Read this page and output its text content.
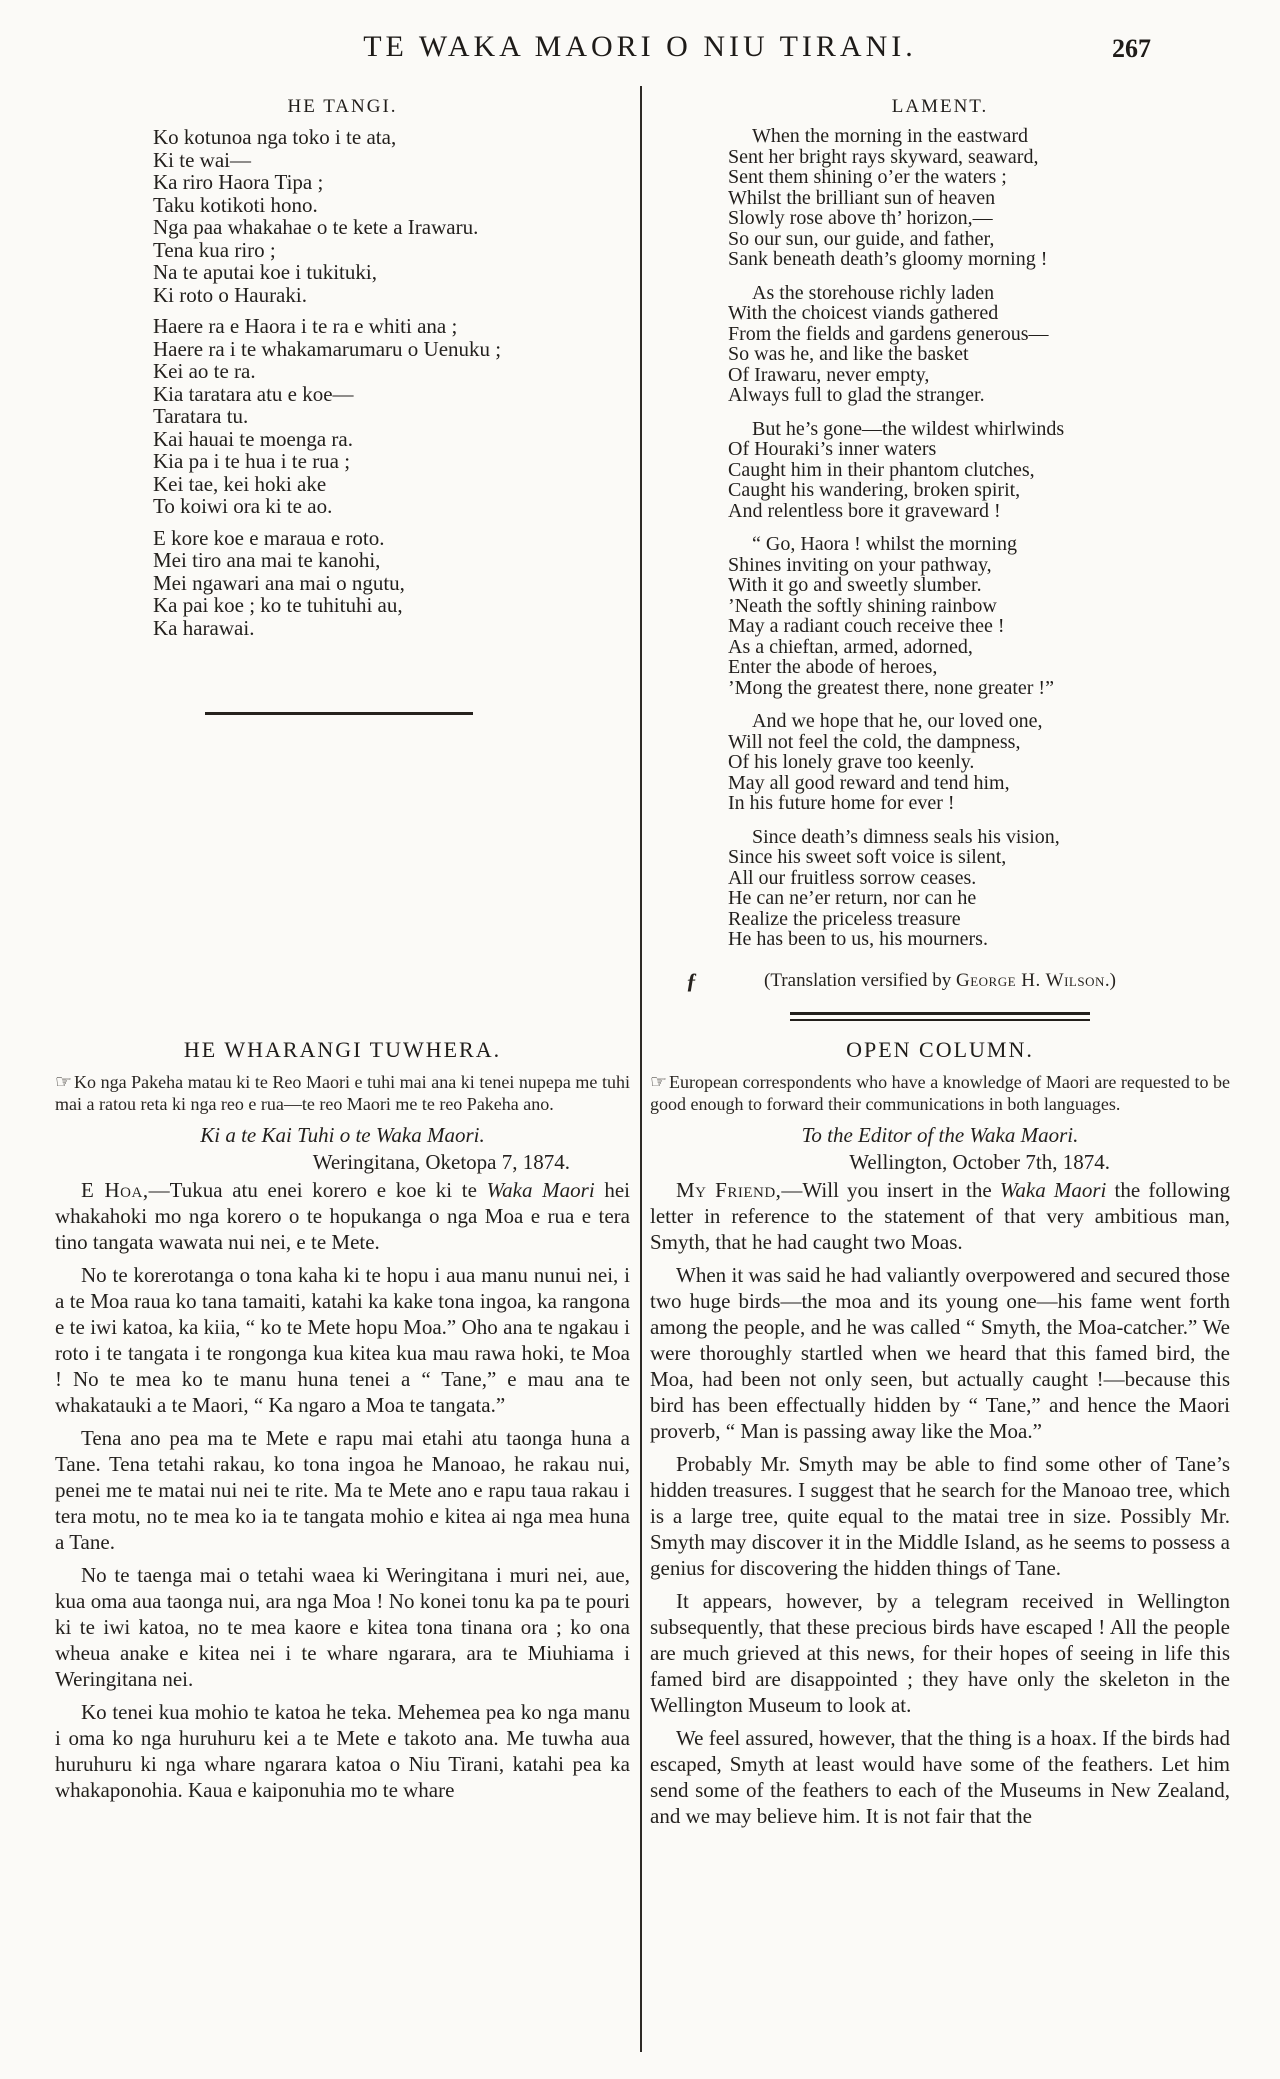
TE WAKA MAORI O NIU TIRANI.	267
HE TANGI.
Ko kotunoa nga toko i te ata,
Ki te wai—
Ka riro Haora Tipa ;
Taku kotikoti hono.
Nga paa whakahae o te kete a Irawaru.
Tena kua riro ;
Na te aputai koe i tukituki,
Ki roto o Hauraki.
Haere ra e Haora i te ra e whiti ana ;
Haere ra i te whakamarumaru o Uenuku ;
Kei ao te ra.
Kia taratara atu e koe—
Taratara tu.
Kai hauai te moenga ra.
Kia pa i te hua i te rua ;
Kei tae, kei hoki ake
To koiwi ora ki te ao.
E kore koe e maraua e roto.
Mei tiro ana mai te kanohi,
Mei ngawari ana mai o ngutu,
Ka pai koe ; ko te tuhituhi au,
Ka harawai.
LAMENT.
When the morning in the eastward
Sent her bright rays skyward, seaward,
Sent them shining o’er the waters ;
Whilst the brilliant sun of heaven
Slowly rose above th’ horizon,—
So our sun, our guide, and father,
Sank beneath death’s gloomy morning !
As the storehouse richly laden
With the choicest viands gathered
From the fields and gardens generous—
So was he, and like the basket
Of Irawaru, never empty,
Always full to glad the stranger.
But he’s gone—the wildest whirlwinds
Of Houraki’s inner waters
Caught him in their phantom clutches,
Caught his wandering, broken spirit,
And relentless bore it graveward !
“ Go, Haora ! whilst the morning
Shines inviting on your pathway,
With it go and sweetly slumber.
’Neath the softly shining rainbow
May a radiant couch receive thee !
As a chieftan, armed, adorned,
Enter the abode of heroes,
’Mong the greatest there, none greater !”
And we hope that he, our loved one,
Will not feel the cold, the dampness,
Of his lonely grave too keenly.
May all good reward and tend him,
In his future home for ever !
Since death’s dimness seals his vision,
Since his sweet soft voice is silent,
All our fruitless sorrow ceases.
He can ne’er return, nor can he
Realize the priceless treasure
He has been to us, his mourners.
ƒ	(Translation versified by George H. Wilson.)
HE WHARANGI TUWHERA.

☞ Ko nga Pakeha matau ki te Reo Maori e tuhi mai ana ki tenei nupepa me tuhi mai a ratou reta ki nga reo e rua—te reo Maori me te reo Pakeha ano.

Ki a te Kai Tuhi o te Waka Maori.

Weringitana, Oketopa 7, 1874.

E Hoa,—Tukua atu enei korero e koe ki te Waka Maori hei whakahoki mo nga korero o te hopukanga o nga Moa e rua e tera tino tangata wawata nui nei, e te Mete.

No te korerotanga o tona kaha ki te hopu i aua manu nunui nei, i a te Moa raua ko tana tamaiti, katahi ka kake tona ingoa, ka rangona e te iwi katoa, ka kiia, “ ko te Mete hopu Moa.” Oho ana te ngakau i roto i te tangata i te rongonga kua kitea kua mau rawa hoki, te Moa ! No te mea ko te manu huna tenei a “ Tane,” e mau ana te whakatauki a te Maori, “ Ka ngaro a Moa te tangata.”

Tena ano pea ma te Mete e rapu mai etahi atu taonga huna a Tane. Tena tetahi rakau, ko tona ingoa he Manoao, he rakau nui, penei me te matai nui nei te rite. Ma te Mete ano e rapu taua rakau i tera motu, no te mea ko ia te tangata mohio e kitea ai nga mea huna a Tane.

No te taenga mai o tetahi waea ki Weringitana i muri nei, aue, kua oma aua taonga nui, ara nga Moa ! No konei tonu ka pa te pouri ki te iwi katoa, no te mea kaore e kitea tona tinana ora ; ko ona wheua anake e kitea nei i te whare ngarara, ara te Miuhiama i Weringitana nei.

Ko tenei kua mohio te katoa he teka. Mehemea pea ko nga manu i oma ko nga huruhuru kei a te Mete e takoto ana. Me tuwha aua huruhuru ki nga whare ngarara katoa o Niu Tirani, katahi pea ka whakaponohia. Kaua e kaiponuhia mo te whare

OPEN COLUMN.

☞ European correspondents who have a knowledge of Maori are requested to be good enough to forward their communications in both languages.

To the Editor of the Waka Maori.

Wellington, October 7th, 1874.

My Friend,—Will you insert in the Waka Maori the following letter in reference to the statement of that very ambitious man, Smyth, that he had caught two Moas.

When it was said he had valiantly overpowered and secured those two huge birds—the moa and its young one—his fame went forth among the people, and he was called “ Smyth, the Moa-catcher.” We were thoroughly startled when we heard that this famed bird, the Moa, had been not only seen, but actually caught !—because this bird has been effectually hidden by “ Tane,” and hence the Maori proverb, “ Man is passing away like the Moa.”

Probably Mr. Smyth may be able to find some other of Tane’s hidden treasures. I suggest that he search for the Manoao tree, which is a large tree, quite equal to the matai tree in size. Possibly Mr. Smyth may discover it in the Middle Island, as he seems to possess a genius for discovering the hidden things of Tane.

It appears, however, by a telegram received in Wellington subsequently, that these precious birds have escaped ! All the people are much grieved at this news, for their hopes of seeing in life this famed bird are disappointed ; they have only the skeleton in the Wellington Museum to look at.

We feel assured, however, that the thing is a hoax. If the birds had escaped, Smyth at least would have some of the feathers. Let him send some of the feathers to each of the Museums in New Zealand, and we may believe him. It is not fair that the
